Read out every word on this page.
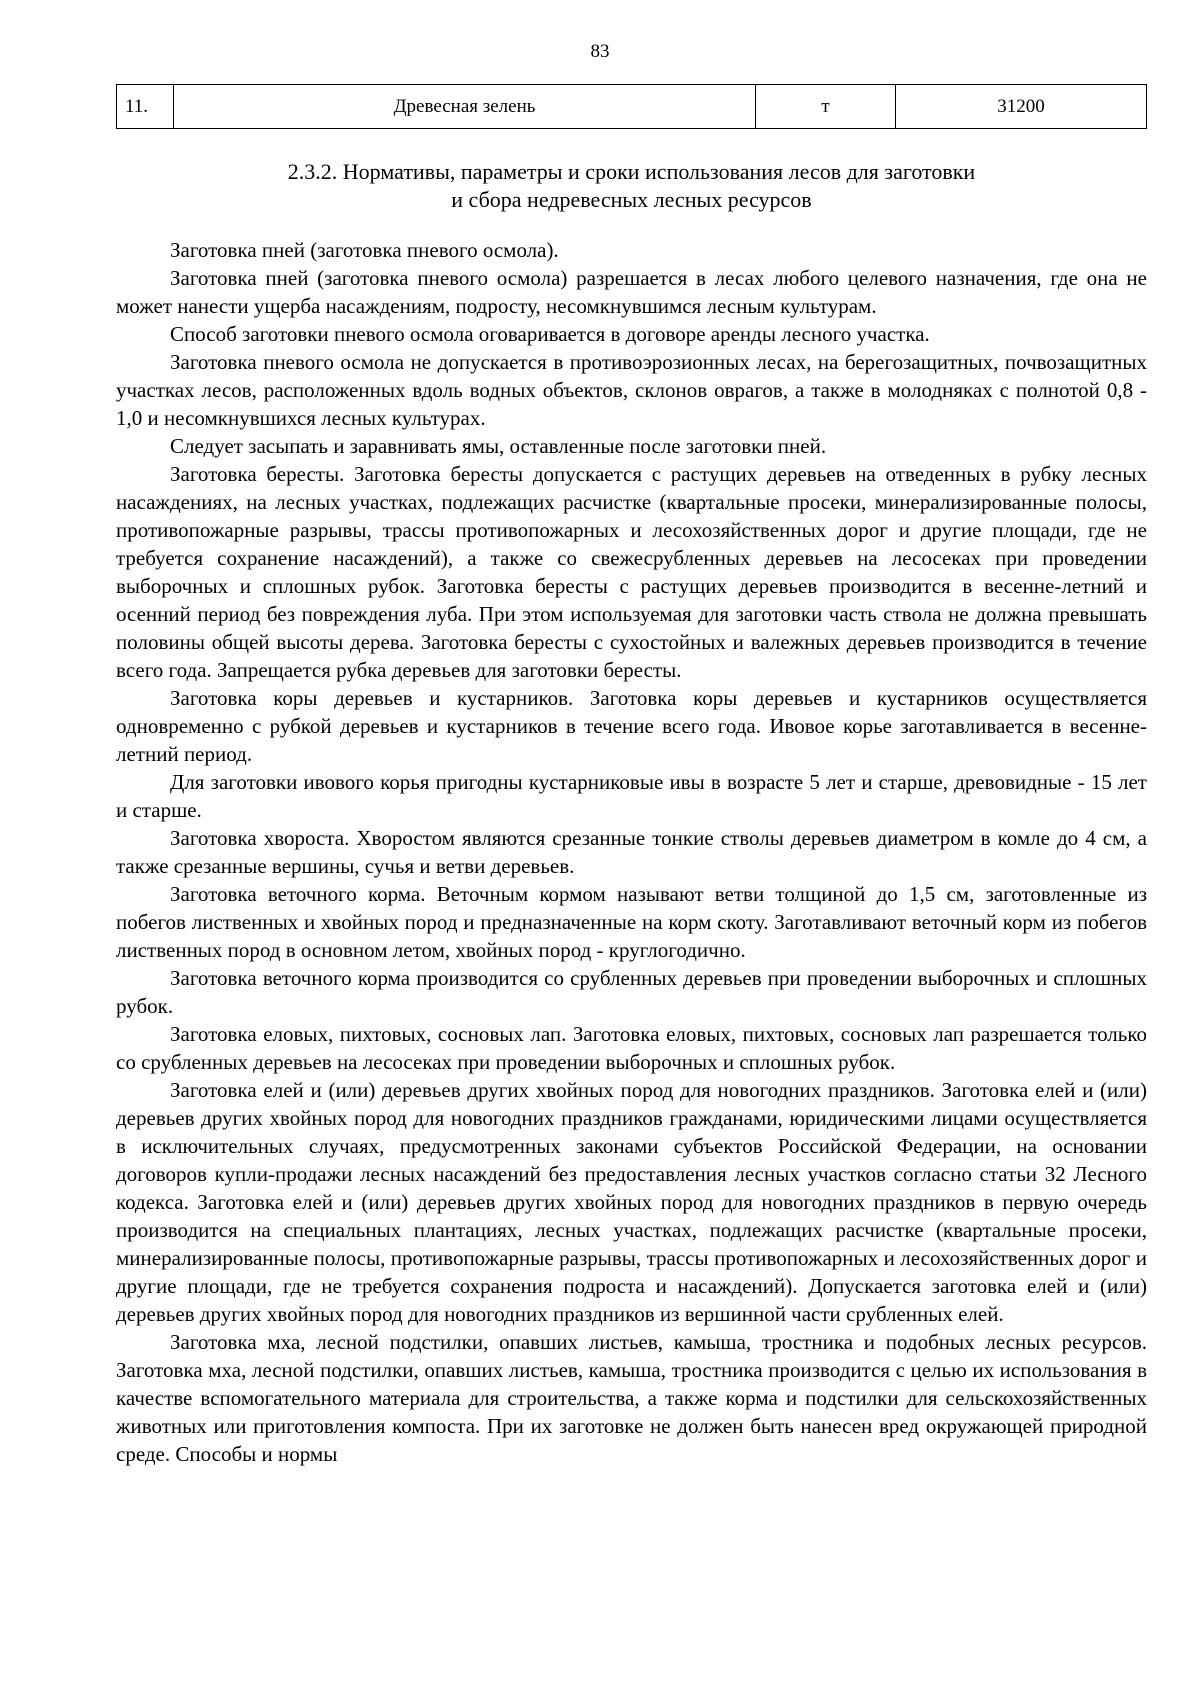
83
11.	Древесная зелень	т	31200
2.3.2. Нормативы, параметры и сроки использования лесов для заготовки
и сбора недревесных лесных ресурсов

Заготовка пней (заготовка пневого осмола).

Заготовка пней (заготовка пневого осмола) разрешается в лесах любого целевого назначения, где она не может нанести ущерба насаждениям, подросту, несомкнувшимся лесным культурам.

Способ заготовки пневого осмола оговаривается в договоре аренды лесного участка.

Заготовка пневого осмола не допускается в противоэрозионных лесах, на берегозащитных, почвозащитных участках лесов, расположенных вдоль водных объектов, склонов оврагов, а также в молодняках с полнотой 0,8 - 1,0 и несомкнувшихся лесных культурах.

Следует засыпать и заравнивать ямы, оставленные после заготовки пней.

Заготовка бересты. Заготовка бересты допускается с растущих деревьев на отведенных в рубку лесных насаждениях, на лесных участках, подлежащих расчистке (квартальные просеки, минерализированные полосы, противопожарные разрывы, трассы противопожарных и лесохозяйственных дорог и другие площади, где не требуется сохранение насаждений), а также со свежесрубленных деревьев на лесосеках при проведении выборочных и сплошных рубок. Заготовка бересты с растущих деревьев производится в весенне-летний и осенний период без повреждения луба. При этом используемая для заготовки часть ствола не должна превышать половины общей высоты дерева. Заготовка бересты с сухостойных и валежных деревьев производится в течение всего года. Запрещается рубка деревьев для заготовки бересты.

Заготовка коры деревьев и кустарников. Заготовка коры деревьев и кустарников осуществляется одновременно с рубкой деревьев и кустарников в течение всего года. Ивовое корье заготавливается в весенне-летний период.

Для заготовки ивового корья пригодны кустарниковые ивы в возрасте 5 лет и старше, древовидные - 15 лет и старше.

Заготовка хвороста. Хворостом являются срезанные тонкие стволы деревьев диаметром в комле до 4 см, а также срезанные вершины, сучья и ветви деревьев.

Заготовка веточного корма. Веточным кормом называют ветви толщиной до 1,5 см, заготовленные из побегов лиственных и хвойных пород и предназначенные на корм скоту. Заготавливают веточный корм из побегов лиственных пород в основном летом, хвойных пород - круглогодично.

Заготовка веточного корма производится со срубленных деревьев при проведении выборочных и сплошных рубок.

Заготовка еловых, пихтовых, сосновых лап. Заготовка еловых, пихтовых, сосновых лап разрешается только со срубленных деревьев на лесосеках при проведении выборочных и сплошных рубок.

Заготовка елей и (или) деревьев других хвойных пород для новогодних праздников. Заготовка елей и (или) деревьев других хвойных пород для новогодних праздников гражданами, юридическими лицами осуществляется в исключительных случаях, предусмотренных законами субъектов Российской Федерации, на основании договоров купли-продажи лесных насаждений без предоставления лесных участков согласно статьи 32 Лесного кодекса. Заготовка елей и (или) деревьев других хвойных пород для новогодних праздников в первую очередь производится на специальных плантациях, лесных участках, подлежащих расчистке (квартальные просеки, минерализированные полосы, противопожарные разрывы, трассы противопожарных и лесохозяйственных дорог и другие площади, где не требуется сохранения подроста и насаждений). Допускается заготовка елей и (или) деревьев других хвойных пород для новогодних праздников из вершинной части срубленных елей.

Заготовка мха, лесной подстилки, опавших листьев, камыша, тростника и подобных лесных ресурсов. Заготовка мха, лесной подстилки, опавших листьев, камыша, тростника производится с целью их использования в качестве вспомогательного материала для строительства, а также корма и подстилки для сельскохозяйственных животных или приготовления компоста. При их заготовке не должен быть нанесен вред окружающей природной среде. Способы и нормы
